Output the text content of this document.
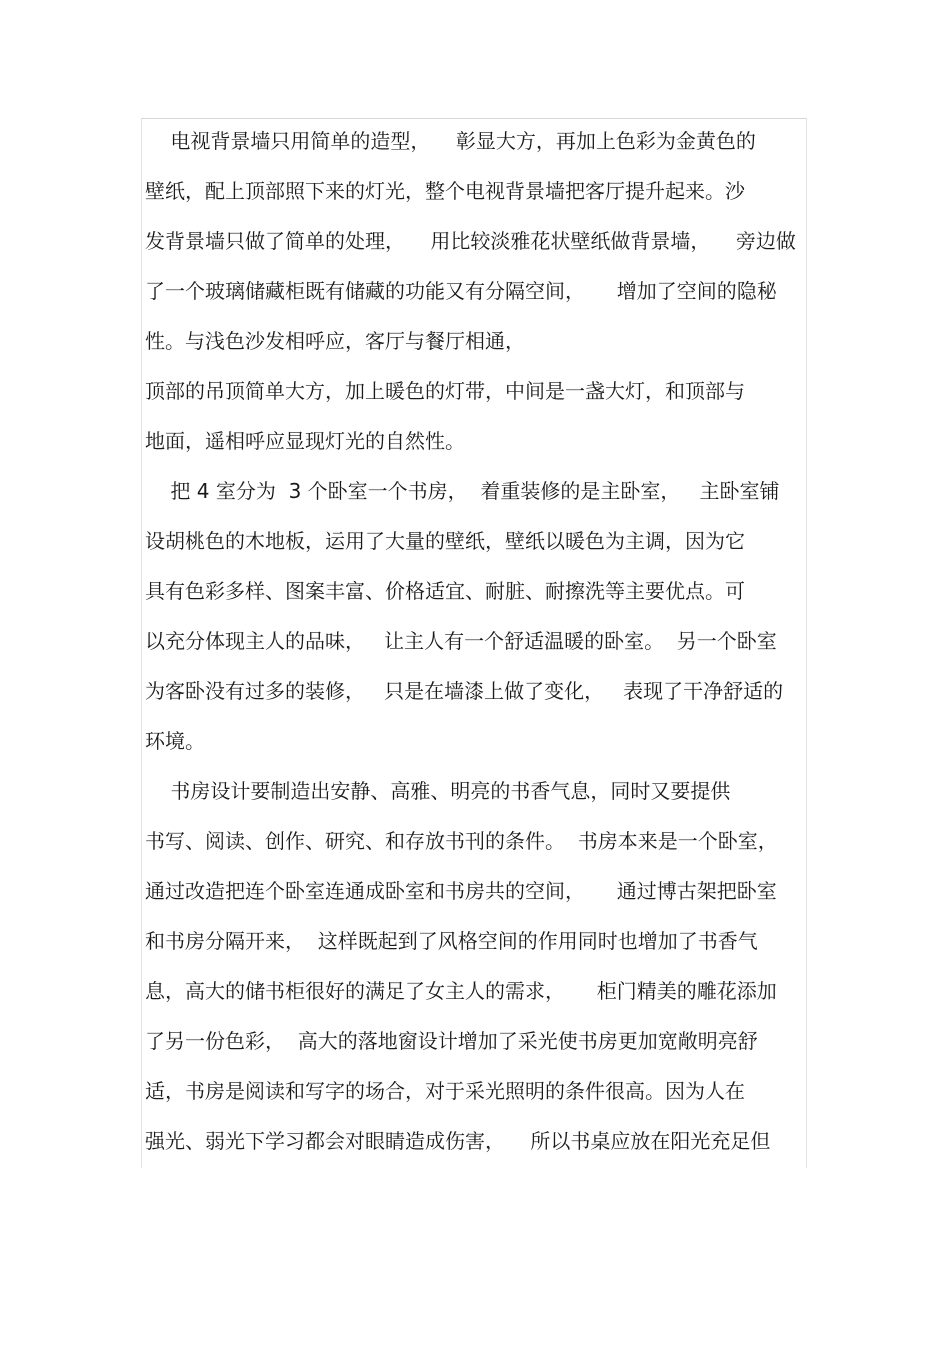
电视背景墙只用简单的造型，    彰显大方，再加上色彩为金黄色的
壁纸，配上顶部照下来的灯光，整个电视背景墙把客厅提升起来。沙
发背景墙只做了简单的处理，    用比较淡雅花状壁纸做背景墙，    旁边做
了一个玻璃储藏柜既有储藏的功能又有分隔空间，     增加了空间的隐秘
性。与浅色沙发相呼应，客厅与餐厅相通，
顶部的吊顶简单大方，加上暖色的灯带，中间是一盏大灯，和顶部与
地面，遥相呼应显现灯光的自然性。
把 4 室分为  3 个卧室一个书房，  着重装修的是主卧室，   主卧室铺
设胡桃色的木地板，运用了大量的壁纸，壁纸以暖色为主调，因为它
具有色彩多样、图案丰富、价格适宜、耐脏、耐擦洗等主要优点。可
以充分体现主人的品味，   让主人有一个舒适温暖的卧室。  另一个卧室
为客卧没有过多的装修，   只是在墙漆上做了变化，   表现了干净舒适的
环境。
书房设计要制造出安静、高雅、明亮的书香气息，同时又要提供
书写、阅读、创作、研究、和存放书刊的条件。  书房本来是一个卧室，
通过改造把连个卧室连通成卧室和书房共的空间，     通过博古架把卧室
和书房分隔开来，  这样既起到了风格空间的作用同时也增加了书香气
息，高大的储书柜很好的满足了女主人的需求，     柜门精美的雕花添加
了另一份色彩，  高大的落地窗设计增加了采光使书房更加宽敞明亮舒
适，书房是阅读和写字的场合，对于采光照明的条件很高。因为人在
强光、弱光下学习都会对眼睛造成伤害，    所以书桌应放在阳光充足但
